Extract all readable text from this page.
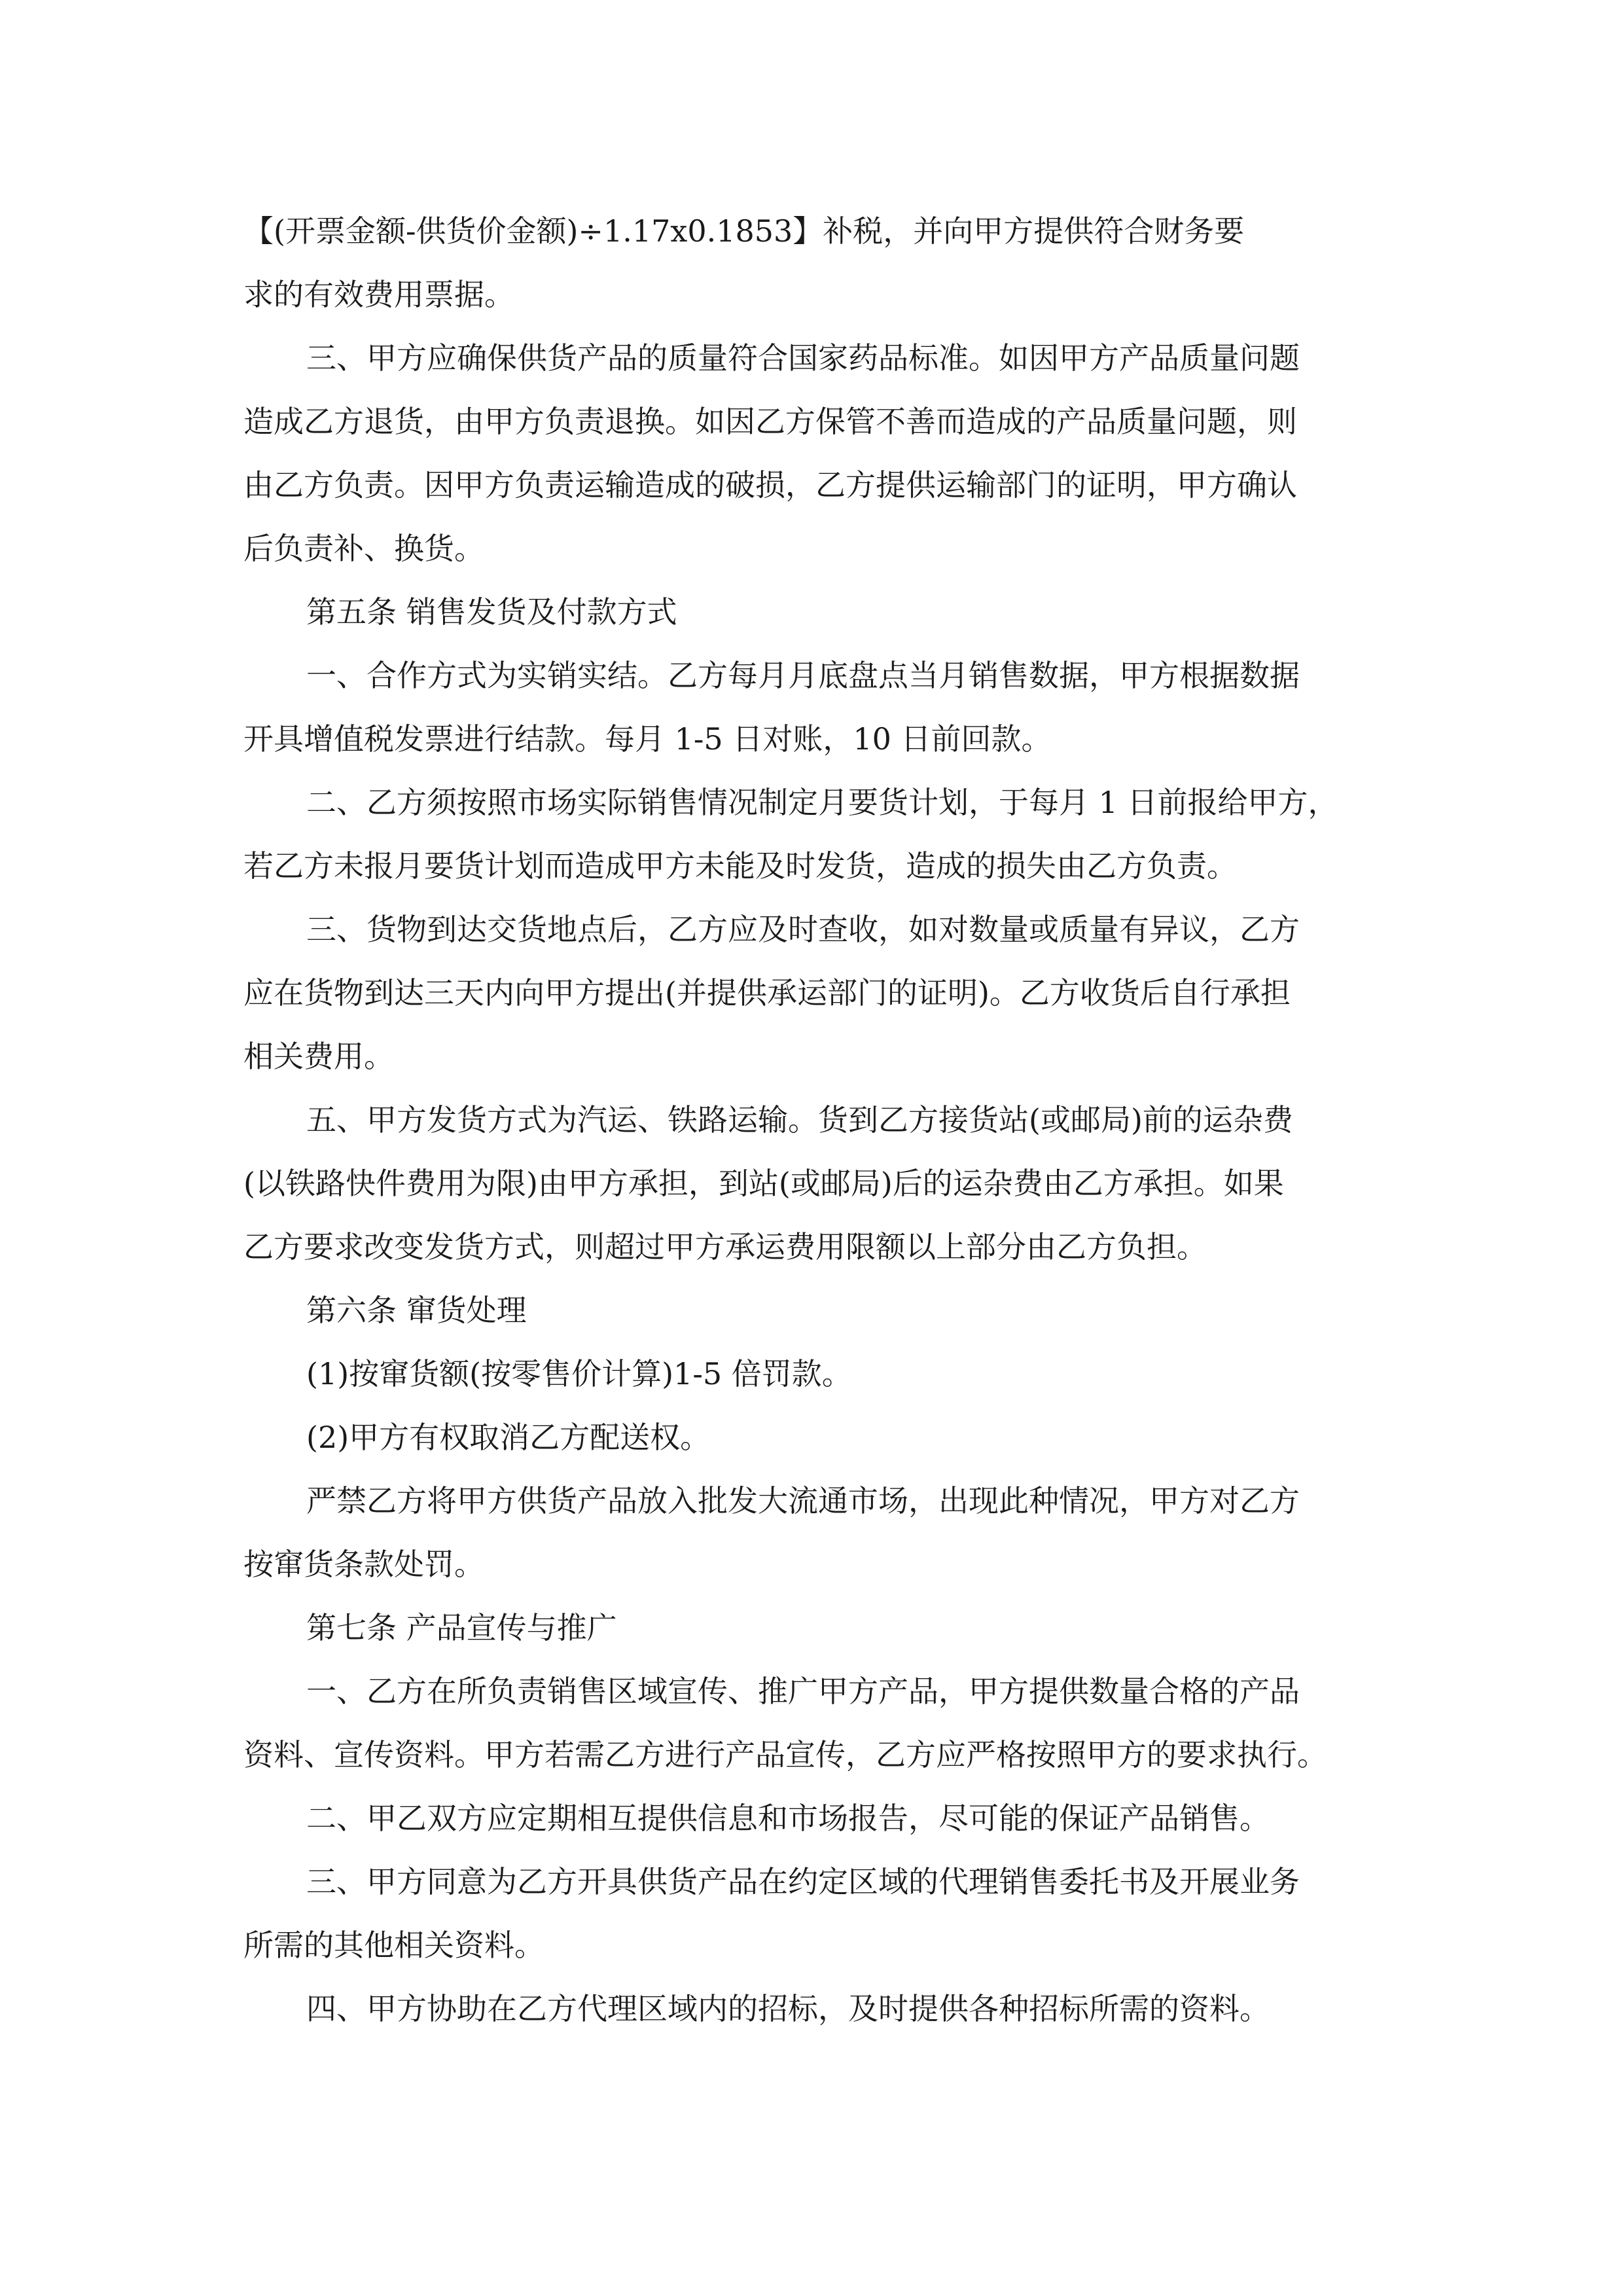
【(开票金额-供货价金额)÷1.17x0.1853】补税，并向甲方提供符合财务要
求的有效费用票据。
三、甲方应确保供货产品的质量符合国家药品标准。如因甲方产品质量问题
造成乙方退货，由甲方负责退换。如因乙方保管不善而造成的产品质量问题，则
由乙方负责。因甲方负责运输造成的破损，乙方提供运输部门的证明，甲方确认
后负责补、换货。
第五条 销售发货及付款方式
一、合作方式为实销实结。乙方每月月底盘点当月销售数据，甲方根据数据
开具增值税发票进行结款。每月 1-5 日对账，10 日前回款。
二、乙方须按照市场实际销售情况制定月要货计划，于每月 1 日前报给甲方，
若乙方未报月要货计划而造成甲方未能及时发货，造成的损失由乙方负责。
三、货物到达交货地点后，乙方应及时查收，如对数量或质量有异议，乙方
应在货物到达三天内向甲方提出(并提供承运部门的证明)。乙方收货后自行承担
相关费用。
五、甲方发货方式为汽运、铁路运输。货到乙方接货站(或邮局)前的运杂费
(以铁路快件费用为限)由甲方承担，到站(或邮局)后的运杂费由乙方承担。如果
乙方要求改变发货方式，则超过甲方承运费用限额以上部分由乙方负担。
第六条 窜货处理
(1)按窜货额(按零售价计算)1-5 倍罚款。
(2)甲方有权取消乙方配送权。
严禁乙方将甲方供货产品放入批发大流通市场，出现此种情况，甲方对乙方
按窜货条款处罚。
第七条 产品宣传与推广
一、乙方在所负责销售区域宣传、推广甲方产品，甲方提供数量合格的产品
资料、宣传资料。甲方若需乙方进行产品宣传，乙方应严格按照甲方的要求执行。
二、甲乙双方应定期相互提供信息和市场报告，尽可能的保证产品销售。
三、甲方同意为乙方开具供货产品在约定区域的代理销售委托书及开展业务
所需的其他相关资料。
四、甲方协助在乙方代理区域内的招标，及时提供各种招标所需的资料。
